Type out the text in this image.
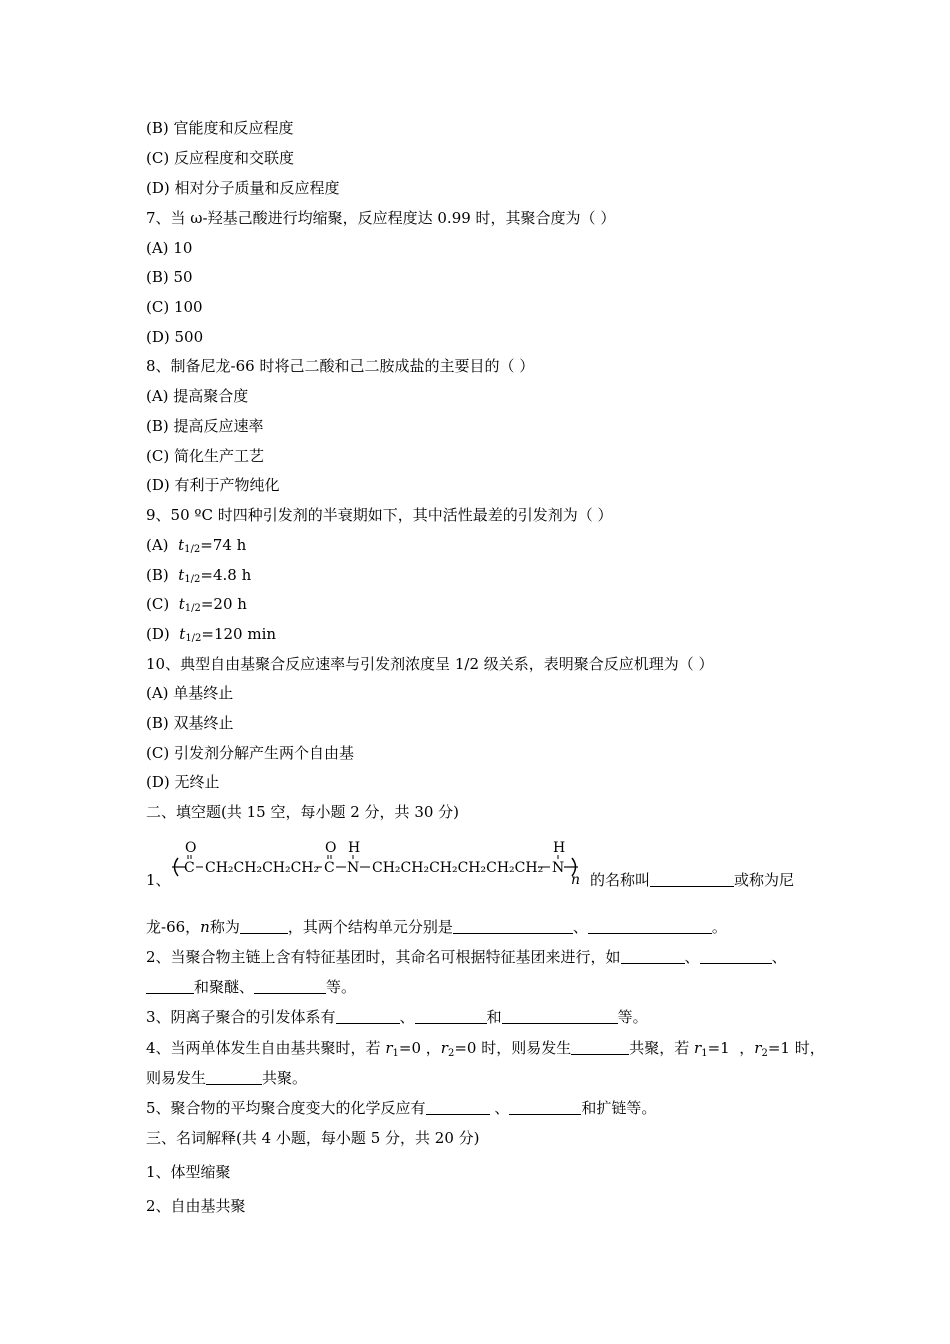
(B) 官能度和反应程度
(C) 反应程度和交联度
(D) 相对分子质量和反应程度
7、当 ω-羟基己酸进行均缩聚，反应程度达 0.99 时，其聚合度为（ ）
(A) 10
(B) 50
(C) 100
(D) 500
8、制备尼龙-66 时将己二酸和己二胺成盐的主要目的（ ）
(A) 提高聚合度
(B) 提高反应速率
(C) 简化生产工艺
(D) 有利于产物纯化
9、50 ºC 时四种引发剂的半衰期如下，其中活性最差的引发剂为（ ）
(A) $t_{1/2}=74$ h
(B) $t_{1/2}=4.8$ h
(C) $t_{1/2}=20$ h
(D) $t_{1/2}=120$ min
10、典型自由基聚合反应速率与引发剂浓度呈 1/2 级关系，表明聚合反应机理为（ ）
(A) 单基终止
(B) 双基终止
(C) 引发剂分解产生两个自由基
(D) 无终止
二、填空题(共 15 空，每小题 2 分，共 30 分)
1、
O
C CH₂CH₂CH₂CH₂
O
C
H
N CH₂CH₂CH₂CH₂CH₂CH₂
H
N
n 的名称叫	或称为尼
龙-66，n称为	，其两个结构单元分别是	、	。
2、当聚合物主链上含有特征基团时，其命名可根据特征基团来进行，如	、	、
和聚醚、	等。
3、阴离子聚合的引发体系有	、	和	等。
4、当两单体发生自由基共聚时，若 $r_1=0$ ，$r_2=0$ 时，则易发生	共聚，若 $r_1=1$ ，$r_2=1$ 时，
则易发生	共聚。
5、聚合物的平均聚合度变大的化学反应有	、	和扩链等。
三、名词解释(共 4 小题，每小题 5 分，共 20 分)
1、体型缩聚
2、自由基共聚
